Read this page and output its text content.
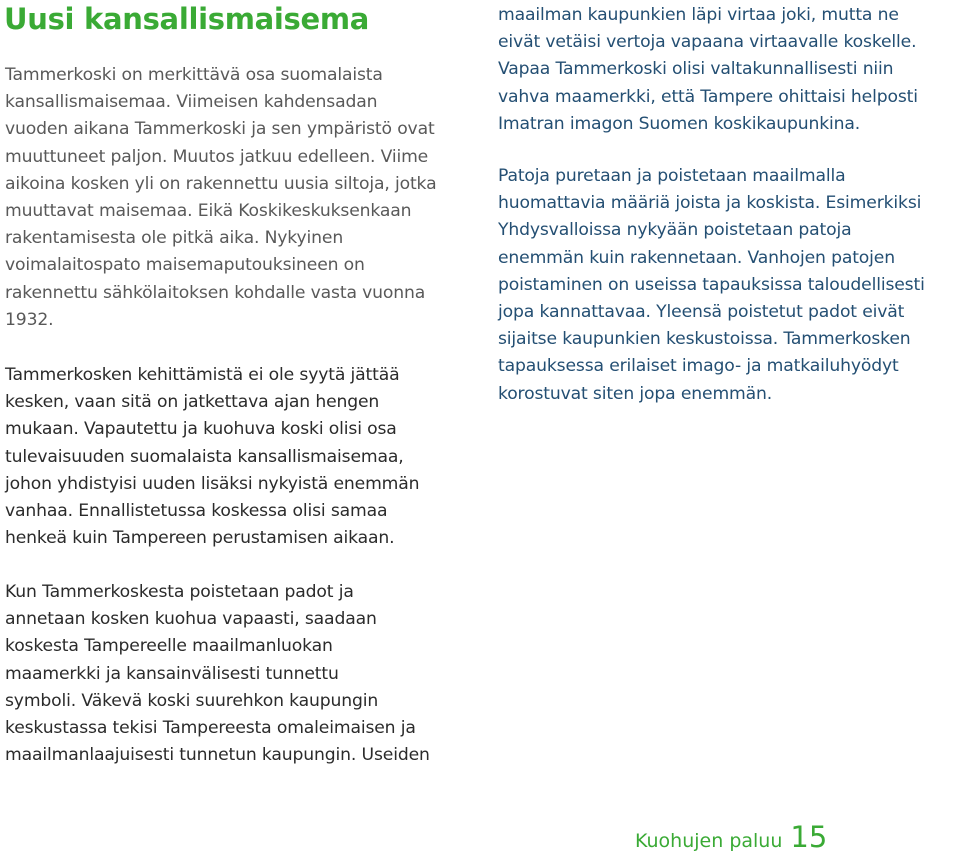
Uusi kansallismaisema

Tammerkoski on merkittävä osa suomalaista
kansallismaisemaa. Viimeisen kahdensadan
vuoden aikana Tammerkoski ja sen ympäristö ovat
muuttuneet paljon. Muutos jatkuu edelleen. Viime
aikoina kosken yli on rakennettu uusia siltoja, jotka
muuttavat maisemaa. Eikä Koskikeskuksenkaan
rakentamisesta ole pitkä aika. Nykyinen
voimalaitospato maisemaputouksineen on
rakennettu sähkölaitoksen kohdalle vasta vuonna
1932.

Tammerkosken kehittämistä ei ole syytä jättää
kesken, vaan sitä on jatkettava ajan hengen
mukaan. Vapautettu ja kuohuva koski olisi osa
tulevaisuuden suomalaista kansallismaisemaa,
johon yhdistyisi uuden lisäksi nykyistä enemmän
vanhaa. Ennallistetussa koskessa olisi samaa
henkeä kuin Tampereen perustamisen aikaan.

Kun Tammerkoskesta poistetaan padot ja
annetaan kosken kuohua vapaasti, saadaan
koskesta Tampereelle maailmanluokan
maamerkki ja kansainvälisesti tunnettu
symboli. Väkevä koski suurehkon kaupungin
keskustassa tekisi Tampereesta omaleimaisen ja
maailmanlaajuisesti tunnetun kaupungin. Useiden

maailman kaupunkien läpi virtaa joki, mutta ne
eivät vetäisi vertoja vapaana virtaavalle koskelle.
Vapaa Tammerkoski olisi valtakunnallisesti niin
vahva maamerkki, että Tampere ohittaisi helposti
Imatran imagon Suomen koskikaupunkina.

Patoja puretaan ja poistetaan maailmalla
huomattavia määriä joista ja koskista. Esimerkiksi
Yhdysvalloissa nykyään poistetaan patoja
enemmän kuin rakennetaan. Vanhojen patojen
poistaminen on useissa tapauksissa taloudellisesti
jopa kannattavaa. Yleensä poistetut padot eivät
sijaitse kaupunkien keskustoissa. Tammerkosken
tapauksessa erilaiset imago- ja matkailuhyödyt
korostuvat siten jopa enemmän.

Kuohujen paluu 15
